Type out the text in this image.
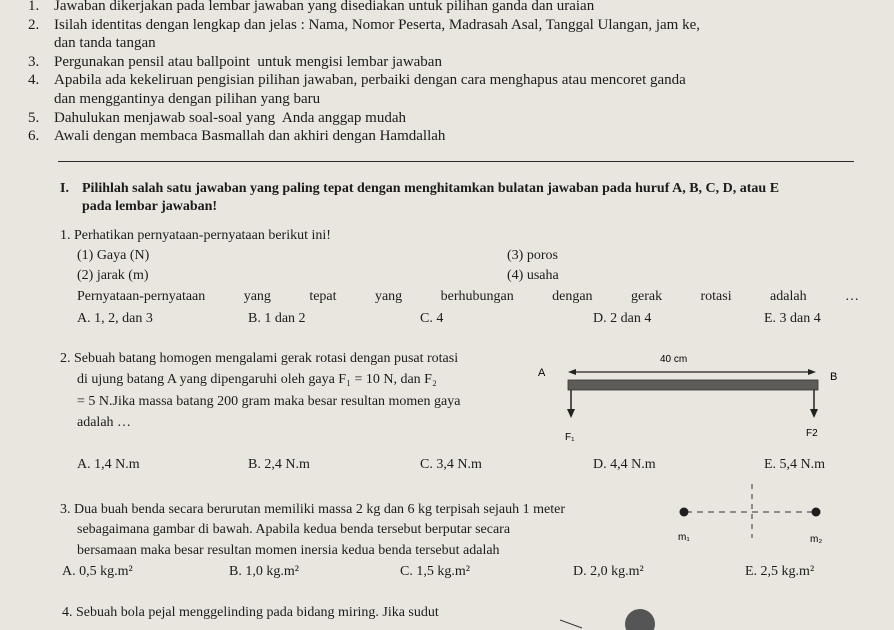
1. Jawaban dikerjakan pada lembar jawaban yang disediakan untuk pilihan ganda dan uraian
2. Isilah identitas dengan lengkap dan jelas : Nama, Nomor Peserta, Madrasah Asal, Tanggal Ulangan, jam ke,
dan tanda tangan
3. Pergunakan pensil atau ballpoint  untuk mengisi lembar jawaban
4. Apabila ada kekeliruan pengisian pilihan jawaban, perbaiki dengan cara menghapus atau mencoret ganda
dan menggantinya dengan pilihan yang baru
5. Dahulukan menjawab soal-soal yang  Anda anggap mudah
6. Awali dengan membaca Basmallah dan akhiri dengan Hamdallah
I. Pilihlah salah satu jawaban yang paling tepat dengan menghitamkan bulatan jawaban pada huruf A, B, C, D, atau E
pada lembar jawaban!
1. Perhatikan pernyataan-pernyataan berikut ini!
(1) Gaya (N)	(3) poros
(2) jarak (m)	(4) usaha
Pernyataan-pernyataan	yang	tepat	yang	berhubungan	dengan	gerak	rotasi	adalah	…
A. 1, 2, dan 3	B. 1 dan 2	C. 4	D. 2 dan 4	E. 3 dan 4
2. Sebuah batang homogen mengalami gerak rotasi dengan pusat rotasi
di ujung batang A yang dipengaruhi oleh gaya F₁ = 10 N, dan F₂
= 5 N.Jika massa batang 200 gram maka besar resultan momen gaya
adalah …
40 cm
A	B
F₁	F2
A. 1,4 N.m	B. 2,4 N.m	C. 3,4 N.m	D. 4,4 N.m	E. 5,4 N.m
3. Dua buah benda secara berurutan memiliki massa 2 kg dan 6 kg terpisah sejauh 1 meter
sebagaimana gambar di bawah. Apabila kedua benda tersebut berputar secara
bersamaan maka besar resultan momen inersia kedua benda tersebut adalah
m₁	m₂
A. 0,5 kg.m²	B. 1,0 kg.m²	C. 1,5 kg.m²	D. 2,0 kg.m²	E. 2,5 kg.m²
4. Sebuah bola pejal menggelinding pada bidang miring. Jika sudut
